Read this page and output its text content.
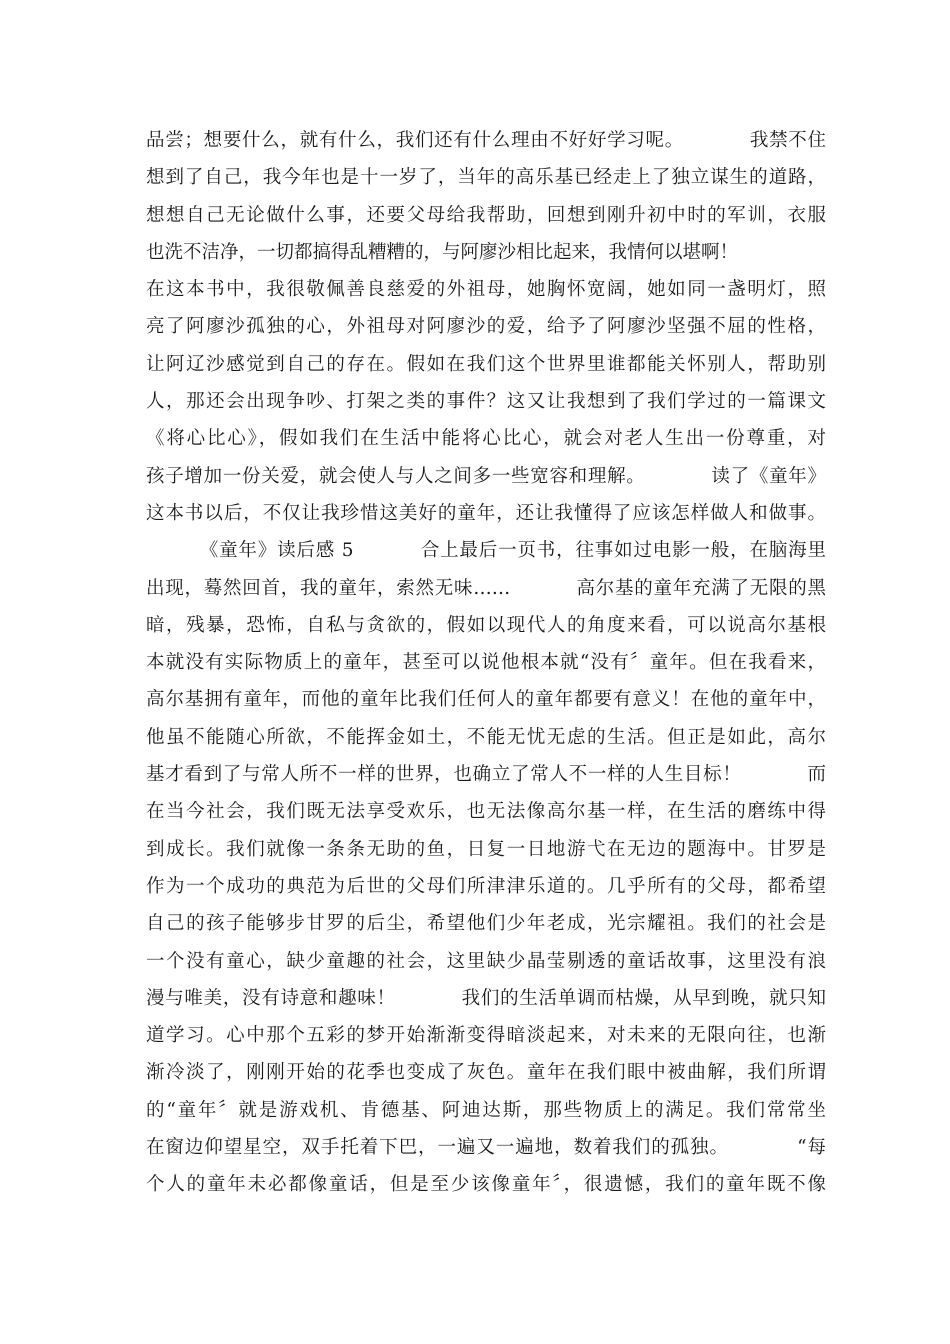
品尝；想要什么，就有什么，我们还有什么理由不好好学习呢。          我禁不住
想到了自己，我今年也是十一岁了，当年的高乐基已经走上了独立谋生的道路，
想想自己无论做什么事，还要父母给我帮助，回想到刚升初中时的军训，衣服
也洗不洁净，一切都搞得乱糟糟的，与阿廖沙相比起来，我情何以堪啊！
在这本书中，我很敬佩善良慈爱的外祖母，她胸怀宽阔，她如同一盏明灯，照
亮了阿廖沙孤独的心，外祖母对阿廖沙的爱，给予了阿廖沙坚强不屈的性格，
让阿辽沙感觉到自己的存在。假如在我们这个世界里谁都能关怀别人，帮助别
人，那还会出现争吵、打架之类的事件？这又让我想到了我们学过的一篇课文
《将心比心》，假如我们在生活中能将心比心，就会对老人生出一份尊重，对
孩子增加一份关爱，就会使人与人之间多一些宽容和理解。          读了《童年》
这本书以后，不仅让我珍惜这美好的童年，还让我懂得了应该怎样做人和做事。
《童年》读后感 5          合上最后一页书，往事如过电影一般，在脑海里
出现，蓦然回首，我的童年，索然无味……          高尔基的童年充满了无限的黑
暗，残暴，恐怖，自私与贪欲的，假如以现代人的角度来看，可以说高尔基根
本就没有实际物质上的童年，甚至可以说他根本就“没有〞童年。但在我看来，
高尔基拥有童年，而他的童年比我们任何人的童年都要有意义！在他的童年中，
他虽不能随心所欲，不能挥金如土，不能无忧无虑的生活。但正是如此，高尔
基才看到了与常人所不一样的世界，也确立了常人不一样的人生目标！          而
在当今社会，我们既无法享受欢乐，也无法像高尔基一样，在生活的磨练中得
到成长。我们就像一条条无助的鱼，日复一日地游弋在无边的题海中。甘罗是
作为一个成功的典范为后世的父母们所津津乐道的。几乎所有的父母，都希望
自己的孩子能够步甘罗的后尘，希望他们少年老成，光宗耀祖。我们的社会是
一个没有童心，缺少童趣的社会，这里缺少晶莹剔透的童话故事，这里没有浪
漫与唯美，没有诗意和趣味！          我们的生活单调而枯燥，从早到晚，就只知
道学习。心中那个五彩的梦开始渐渐变得暗淡起来，对未来的无限向往，也渐
渐冷淡了，刚刚开始的花季也变成了灰色。童年在我们眼中被曲解，我们所谓
的“童年〞就是游戏机、肯德基、阿迪达斯，那些物质上的满足。我们常常坐
在窗边仰望星空，双手托着下巴，一遍又一遍地，数着我们的孤独。          “每
个人的童年未必都像童话，但是至少该像童年〞，很遗憾，我们的童年既不像
